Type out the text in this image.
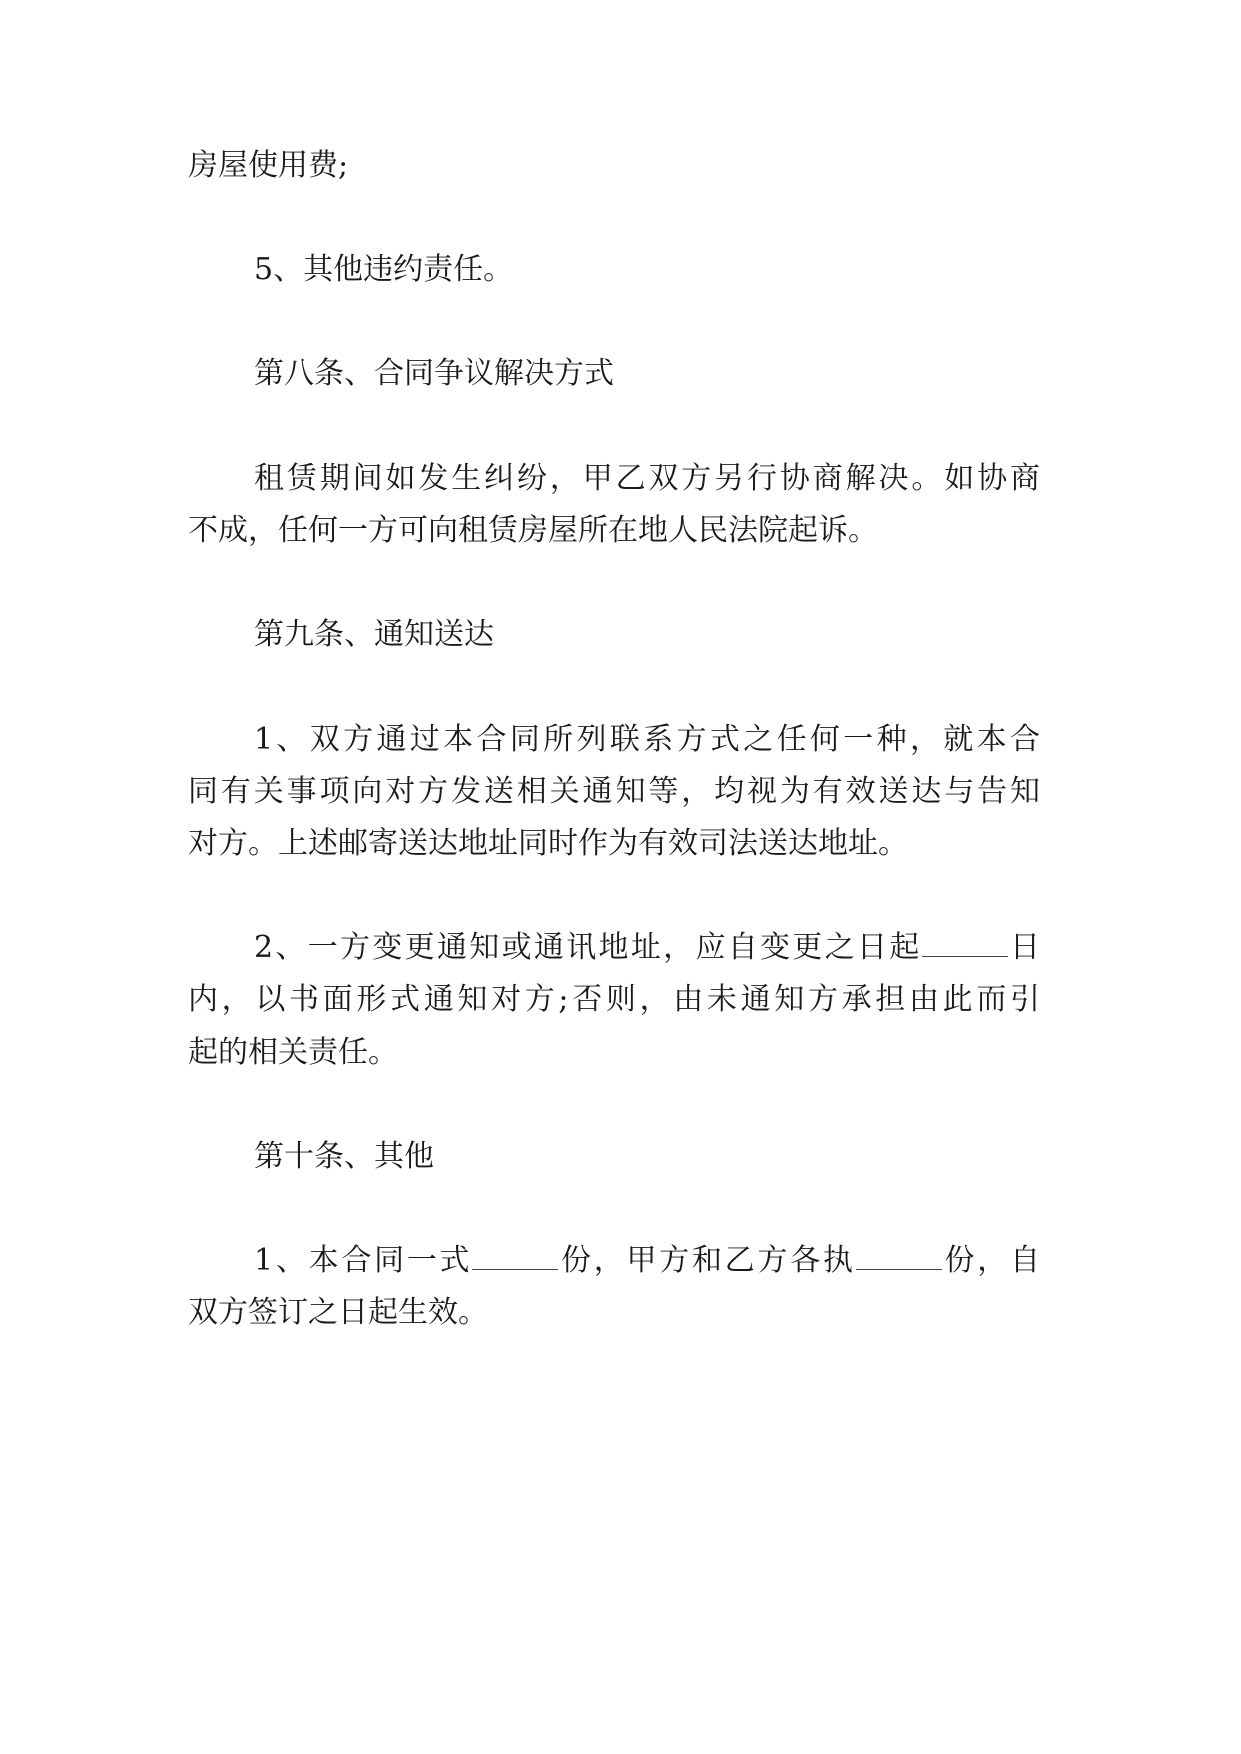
房屋使用费;
5、其他违约责任。
第八条、合同争议解决方式
租赁期间如发生纠纷，甲乙双方另行协商解决。如协商
不成，任何一方可向租赁房屋所在地人民法院起诉。
第九条、通知送达
1、双方通过本合同所列联系方式之任何一种，就本合
同有关事项向对方发送相关通知等，均视为有效送达与告知
对方。上述邮寄送达地址同时作为有效司法送达地址。
2、一方变更通知或通讯地址，应自变更之日起	日
内，以书面形式通知对方;否则，由未通知方承担由此而引
起的相关责任。
第十条、其他
1、本合同一式	份，甲方和乙方各执	份，自
双方签订之日起生效。
